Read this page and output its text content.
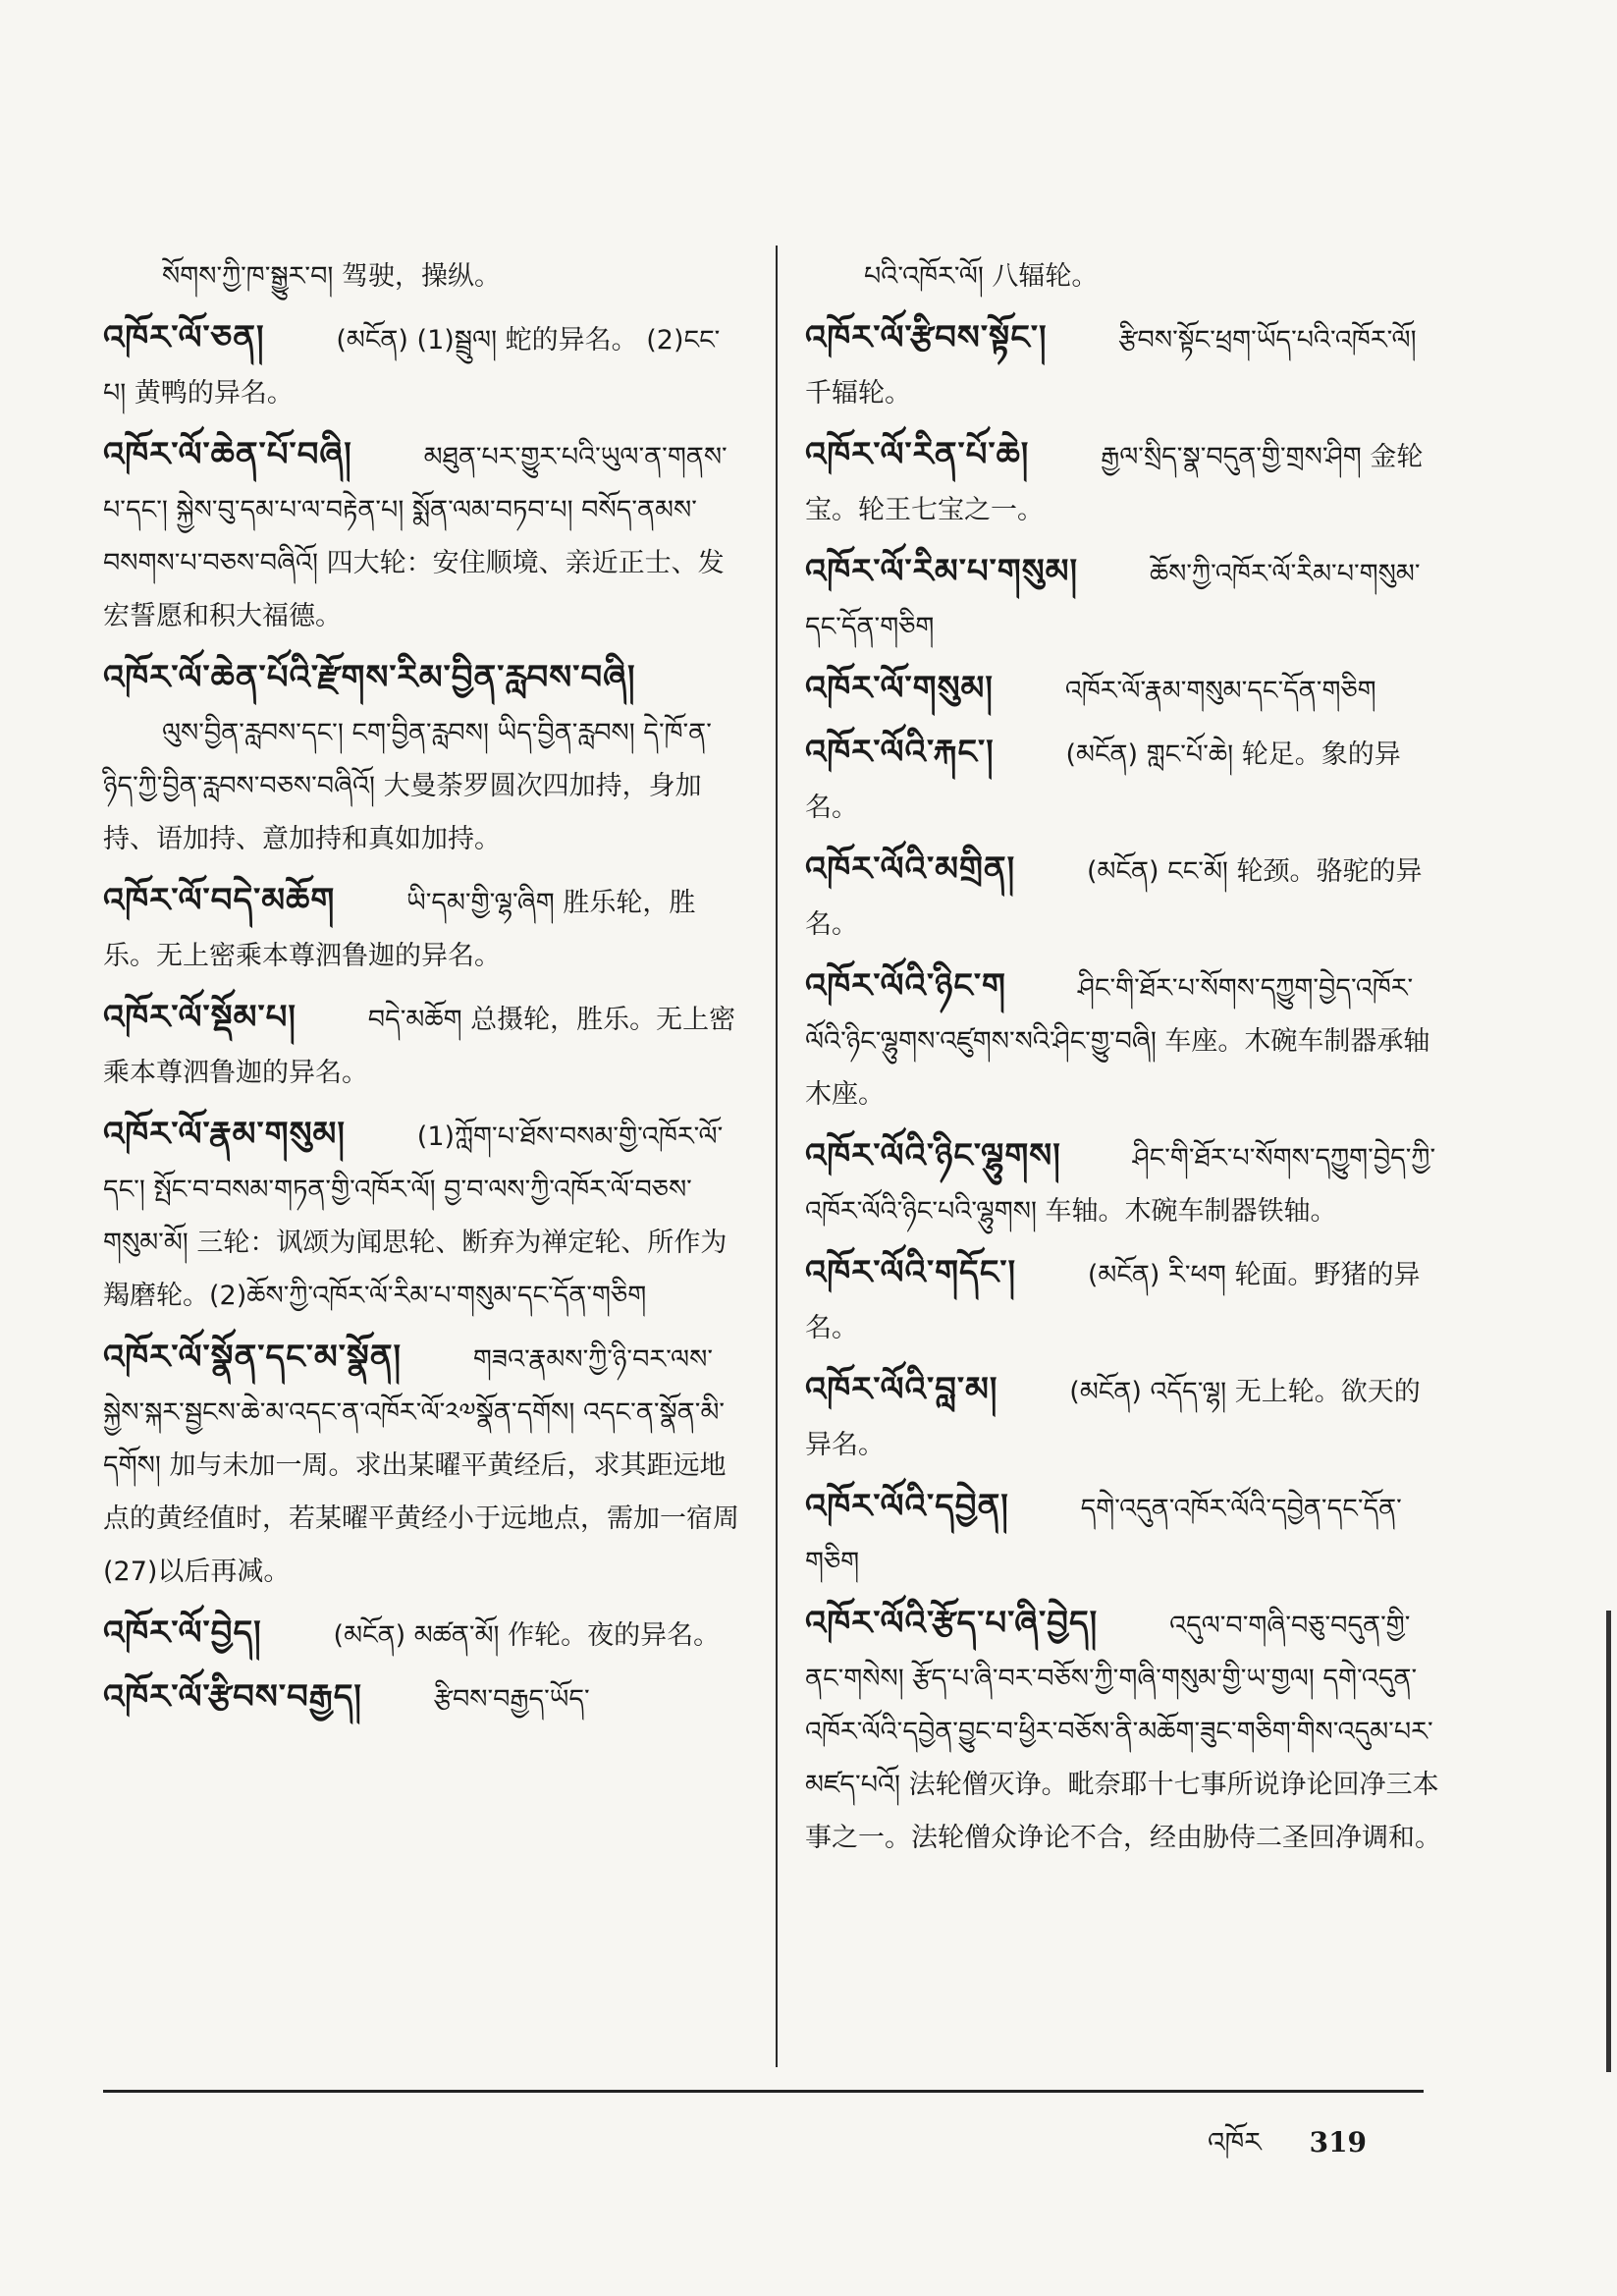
སོགས་ཀྱི་ཁ་སྒྱུར་བ། 驾驶，操纵。
འཁོར་ལོ་ཅན། (མངོན) (1)སྦྲུལ། 蛇的异名。 (2)ངང་པ། 黄鸭的异名。
འཁོར་ལོ་ཆེན་པོ་བཞི། མཐུན་པར་གྱུར་པའི་ཡུལ་ན་གནས་པ་དང་། སྐྱེས་བུ་དམ་པ་ལ་བརྟེན་པ། སྨོན་ལམ་བཏབ་པ། བསོད་ནམས་བསགས་པ་བཅས་བཞིའོ། 四大轮：安住顺境、亲近正士、发宏誓愿和积大福德。
འཁོར་ལོ་ཆེན་པོའི་རྫོགས་རིམ་བྱིན་རླབས་བཞི། ལུས་བྱིན་རླབས་དང་། ངག་བྱིན་རླབས། ཡིད་བྱིན་རླབས། དེ་ཁོ་ན་ཉིད་ཀྱི་བྱིན་རླབས་བཅས་བཞིའོ། 大曼荼罗圆次四加持，身加持、语加持、意加持和真如加持。
འཁོར་ལོ་བདེ་མཆོག ཡི་དམ་གྱི་ལྷ་ཞིག 胜乐轮，胜乐。无上密乘本尊泗鲁迦的异名。
འཁོར་ལོ་སྡོམ་པ། བདེ་མཆོག 总摄轮，胜乐。无上密乘本尊泗鲁迦的异名。
འཁོར་ལོ་རྣམ་གསུམ། (1)ཀློག་པ་ཐོས་བསམ་གྱི་འཁོར་ལོ་དང་། སྤོང་བ་བསམ་གཏན་གྱི་འཁོར་ལོ། བྱ་བ་ལས་ཀྱི་འཁོར་ལོ་བཅས་གསུམ་མོ། 三轮：讽颂为闻思轮、断弃为禅定轮、所作为羯磨轮。(2)ཆོས་ཀྱི་འཁོར་ལོ་རིམ་པ་གསུམ་དང་དོན་གཅིག
འཁོར་ལོ་སྣོན་དང་མ་སྣོན། གཟའ་རྣམས་ཀྱི་ཉི་བར་ལས་སྐྱེས་སྐར་སྦྱངས་ཆེ་མ་འདང་ན་འཁོར་ལོ་༢༧སྣོན་དགོས། འདང་ན་སྣོན་མི་དགོས། 加与未加一周。求出某曜平黄经后，求其距远地点的黄经值时，若某曜平黄经小于远地点，需加一宿周(27)以后再减。
འཁོར་ལོ་བྱེད། (མངོན) མཚན་མོ། 作轮。夜的异名。
འཁོར་ལོ་རྩིབས་བརྒྱད། རྩིབས་བརྒྱད་ཡོད་
པའི་འཁོར་ལོ། 八辐轮。
འཁོར་ལོ་རྩིབས་སྟོང་། རྩིབས་སྟོང་ཕྲག་ཡོད་པའི་འཁོར་ལོ། 千辐轮。
འཁོར་ལོ་རིན་པོ་ཆེ། རྒྱལ་སྲིད་སྣ་བདུན་གྱི་གྲས་ཤིག 金轮宝。轮王七宝之一。
འཁོར་ལོ་རིམ་པ་གསུམ། ཆོས་ཀྱི་འཁོར་ལོ་རིམ་པ་གསུམ་དང་དོན་གཅིག
འཁོར་ལོ་གསུམ། འཁོར་ལོ་རྣམ་གསུམ་དང་དོན་གཅིག
འཁོར་ལོའི་རྐང་། (མངོན) གླང་པོ་ཆེ། 轮足。象的异名。
འཁོར་ལོའི་མགྲིན། (མངོན) ངང་མོ། 轮颈。骆驼的异名。
འཁོར་ལོའི་ཉིང་ག ཤིང་གི་ཐོར་པ་སོགས་དཀྱུག་བྱེད་འཁོར་ལོའི་ཉིང་ལྷུགས་འཛུགས་སའི་ཤིང་གྱུ་བཞི། 车座。木碗车制器承轴木座。
འཁོར་ལོའི་ཉིང་ལྷུགས། ཤིང་གི་ཐོར་པ་སོགས་དཀྱུག་བྱེད་ཀྱི་འཁོར་ལོའི་ཉིང་པའི་ལྷུགས། 车轴。木碗车制器铁轴。
འཁོར་ལོའི་གདོང་། (མངོན) རི་ཕག 轮面。野猪的异名。
འཁོར་ལོའི་བླ་མ། (མངོན) འདོད་ལྷ། 无上轮。欲天的异名。
འཁོར་ལོའི་དབྱེན། དགེ་འདུན་འཁོར་ལོའི་དབྱེན་དང་དོན་གཅིག
འཁོར་ལོའི་རྩོད་པ་ཞི་བྱེད། འདུལ་བ་གཞི་བཅུ་བདུན་གྱི་ནང་གསེས། རྩོད་པ་ཞི་བར་བཅོས་ཀྱི་གཞི་གསུམ་གྱི་ཡ་གྱལ། དགེ་འདུན་འཁོར་ལོའི་དབྱེན་བྱུང་བ་ཕྱིར་བཅོས་ནི་མཆོག་ཟུང་གཅིག་གིས་འདུམ་པར་མཛད་པའོ། 法轮僧灭诤。毗奈耶十七事所说诤论回净三本事之一。法轮僧众诤论不合，经由胁侍二圣回净调和。
འཁོར 319
